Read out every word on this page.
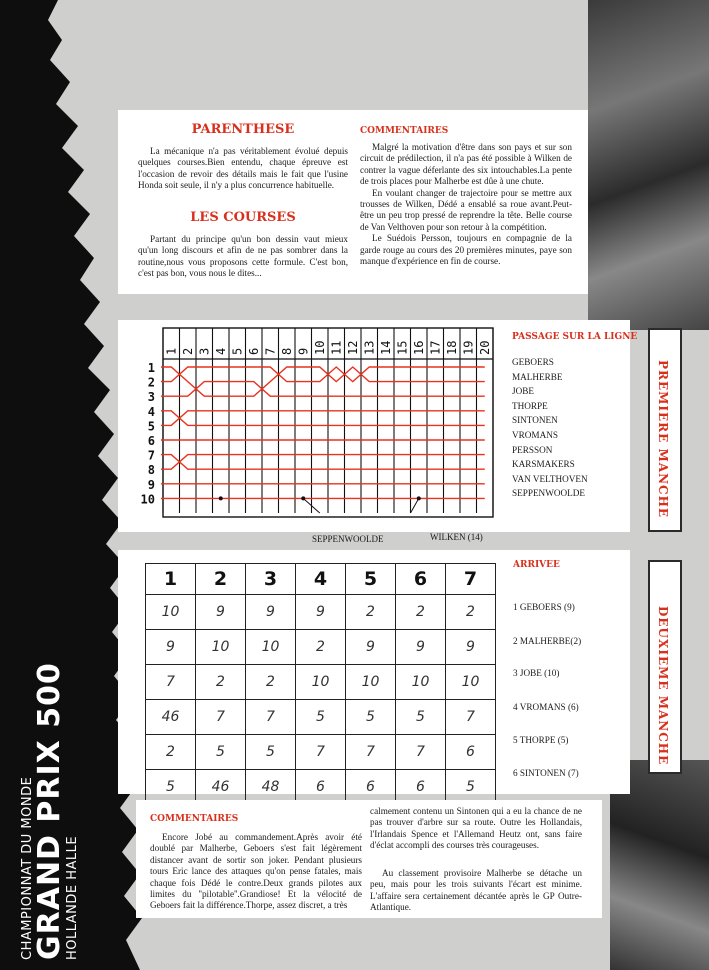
PARENTHESE
La mécanique n'a pas véritablement évolué depuis quelques courses.Bien entendu, chaque épreuve est l'occasion de revoir des détails mais le fait que l'usine Honda soit seule, il n'y a plus concurrence habituelle.
LES COURSES
Partant du principe qu'un bon dessin vaut mieux qu'un long discours et afin de ne pas sombrer dans la routine,nous vous proposons cette formule. C'est bon, c'est pas bon, vous nous le dites...
COMMENTAIRES
Malgré la motivation d'être dans son pays et sur son circuit de prédilection, il n'a pas été possible à Wilken de contrer la vague déferlante des six intouchables.La pente de trois places pour Malherbe est dûe à une chute.
En voulant changer de trajectoire pour se mettre aux trousses de Wilken, Dédé a ensablé sa roue avant.Peut-être un peu trop pressé de reprendre la tête. Belle course de Van Velthoven pour son retour à la compétition.
Le Suédois Persson, toujours en compagnie de la garde rouge au cours des 20 premières minutes, paye son manque d'expérience en fin de course.
1 2 3 4 5 6 7 8 9 10 11 12 13 14 15 16 17 18 19 20
1
2
3
4
5
6
7
8
9
10
PASSAGE SUR LA LIGNE
GEBOERS
MALHERBE
JOBE
THORPE
SINTONEN
VROMANS
PERSSON
KARSMAKERS
VAN VELTHOVEN
SEPPENWOOLDE
SEPPENWOOLDE	WILKEN (14)
PREMIERE MANCHE
1	2	3	4	5	6	7
10	9	9	9	2	2	2
9	10	10	2	9	9	9
7	2	2	10	10	10	10
46	7	7	5	5	5	7
2	5	5	7	7	7	6
5	46	48	6	6	6	5
ARRIVEE
1 GEBOERS (9)
2 MALHERBE(2)
3 JOBE (10)
4 VROMANS (6)
5 THORPE (5)
6 SINTONEN (7)
DEUXIEME MANCHE
COMMENTAIRES
Encore Jobé au commandement.Après avoir été doublé par Malherbe, Geboers s'est fait légèrement distancer avant de sortir son joker. Pendant plusieurs tours Eric lance des attaques qu'on pense fatales, mais chaque fois Dédé le contre.Deux grands pilotes aux limites du ''pilotable''.Grandiose! Et la vélocité de Geboers fait la différence.Thorpe, assez discret, a très
calmement contenu un Sintonen qui a eu la chance de ne pas trouver d'arbre sur sa route. Outre les Hollandais, l'Irlandais Spence et l'Allemand Heutz ont, sans faire d'éclat accompli des courses très courageuses.
Au classement provisoire Malherbe se détache un peu, mais pour les trois suivants l'écart est minime. L'affaire sera certainement décantée après le GP Outre-Atlantique.
CHAMPIONNAT DU MONDE
GRAND PRIX 500
HOLLANDE HALLE
